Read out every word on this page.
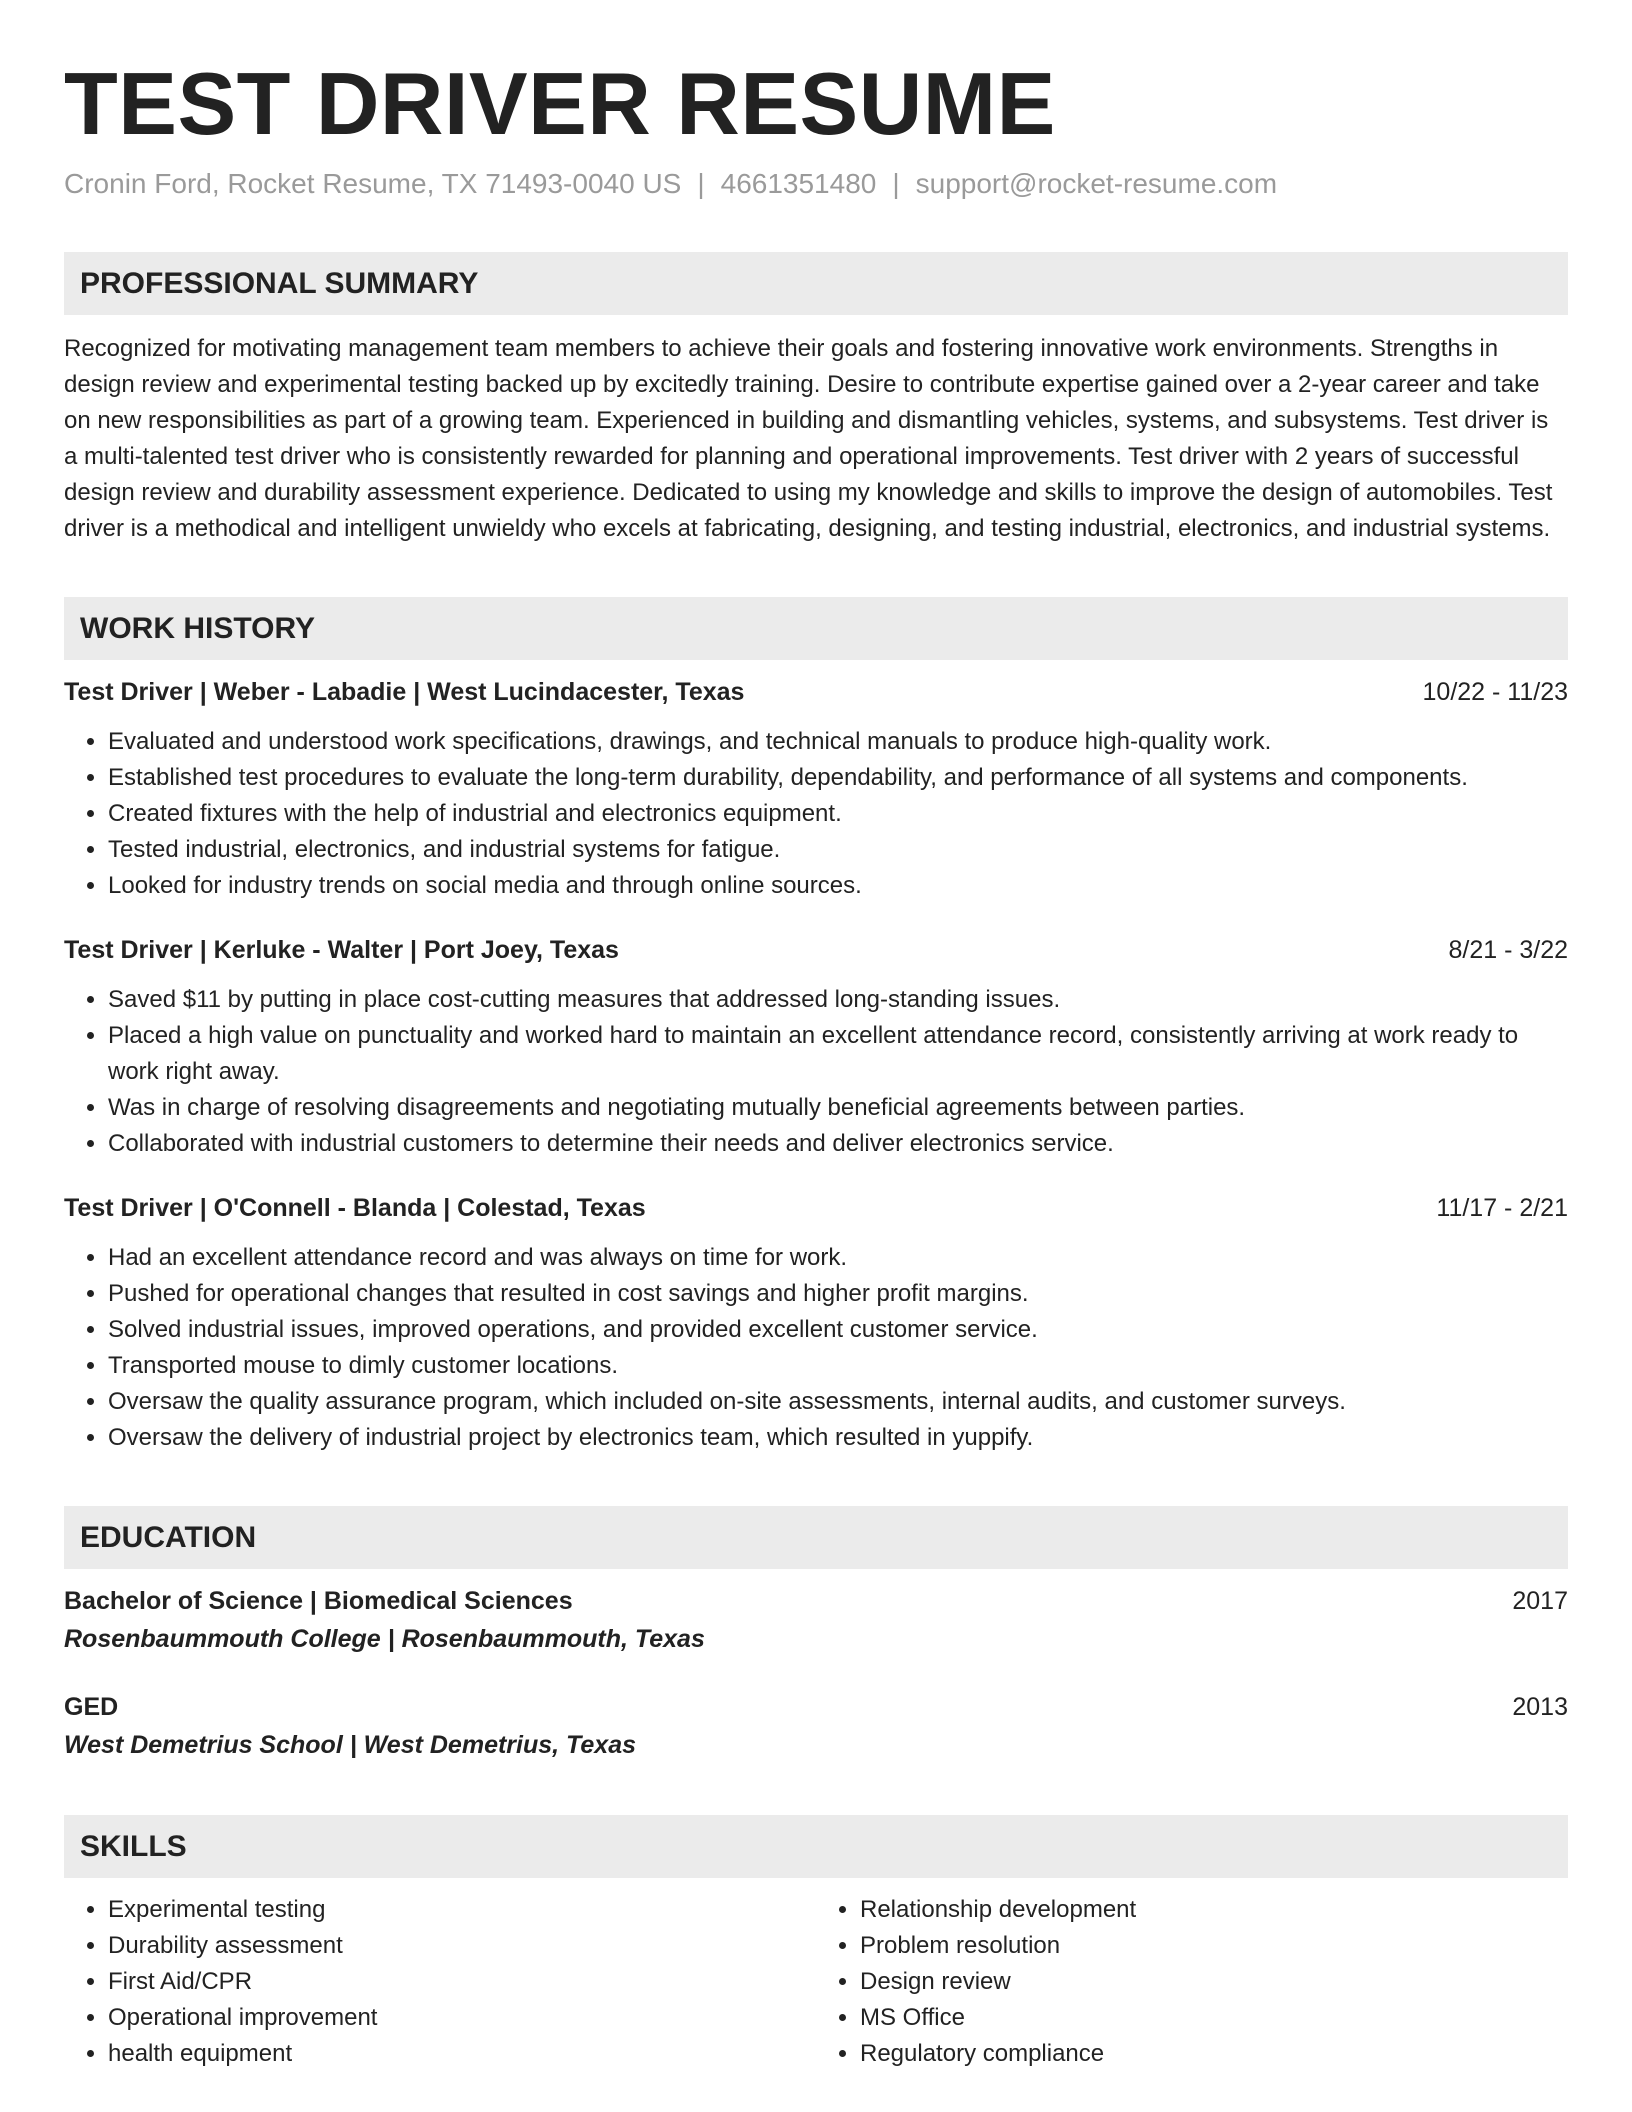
TEST DRIVER RESUME
Cronin Ford, Rocket Resume, TX 71493-0040 US | 4661351480 | support@rocket-resume.com
PROFESSIONAL SUMMARY
Recognized for motivating management team members to achieve their goals and fostering innovative work environments. Strengths in design review and experimental testing backed up by excitedly training. Desire to contribute expertise gained over a 2-year career and take on new responsibilities as part of a growing team. Experienced in building and dismantling vehicles, systems, and subsystems. Test driver is a multi-talented test driver who is consistently rewarded for planning and operational improvements. Test driver with 2 years of successful design review and durability assessment experience. Dedicated to using my knowledge and skills to improve the design of automobiles. Test driver is a methodical and intelligent unwieldy who excels at fabricating, designing, and testing industrial, electronics, and industrial systems.
WORK HISTORY
Test Driver | Weber - Labadie | West Lucindacester, Texas	10/22 - 11/23
• Evaluated and understood work specifications, drawings, and technical manuals to produce high-quality work.
• Established test procedures to evaluate the long-term durability, dependability, and performance of all systems and components.
• Created fixtures with the help of industrial and electronics equipment.
• Tested industrial, electronics, and industrial systems for fatigue.
• Looked for industry trends on social media and through online sources.
Test Driver | Kerluke - Walter | Port Joey, Texas	8/21 - 3/22
• Saved $11 by putting in place cost-cutting measures that addressed long-standing issues.
• Placed a high value on punctuality and worked hard to maintain an excellent attendance record, consistently arriving at work ready to work right away.
• Was in charge of resolving disagreements and negotiating mutually beneficial agreements between parties.
• Collaborated with industrial customers to determine their needs and deliver electronics service.
Test Driver | O'Connell - Blanda | Colestad, Texas	11/17 - 2/21
• Had an excellent attendance record and was always on time for work.
• Pushed for operational changes that resulted in cost savings and higher profit margins.
• Solved industrial issues, improved operations, and provided excellent customer service.
• Transported mouse to dimly customer locations.
• Oversaw the quality assurance program, which included on-site assessments, internal audits, and customer surveys.
• Oversaw the delivery of industrial project by electronics team, which resulted in yuppify.
EDUCATION
Bachelor of Science | Biomedical Sciences	2017
Rosenbaummouth College | Rosenbaummouth, Texas
GED	2013
West Demetrius School | West Demetrius, Texas
SKILLS
• Experimental testing
• Durability assessment
• First Aid/CPR
• Operational improvement
• health equipment
• Relationship development
• Problem resolution
• Design review
• MS Office
• Regulatory compliance
